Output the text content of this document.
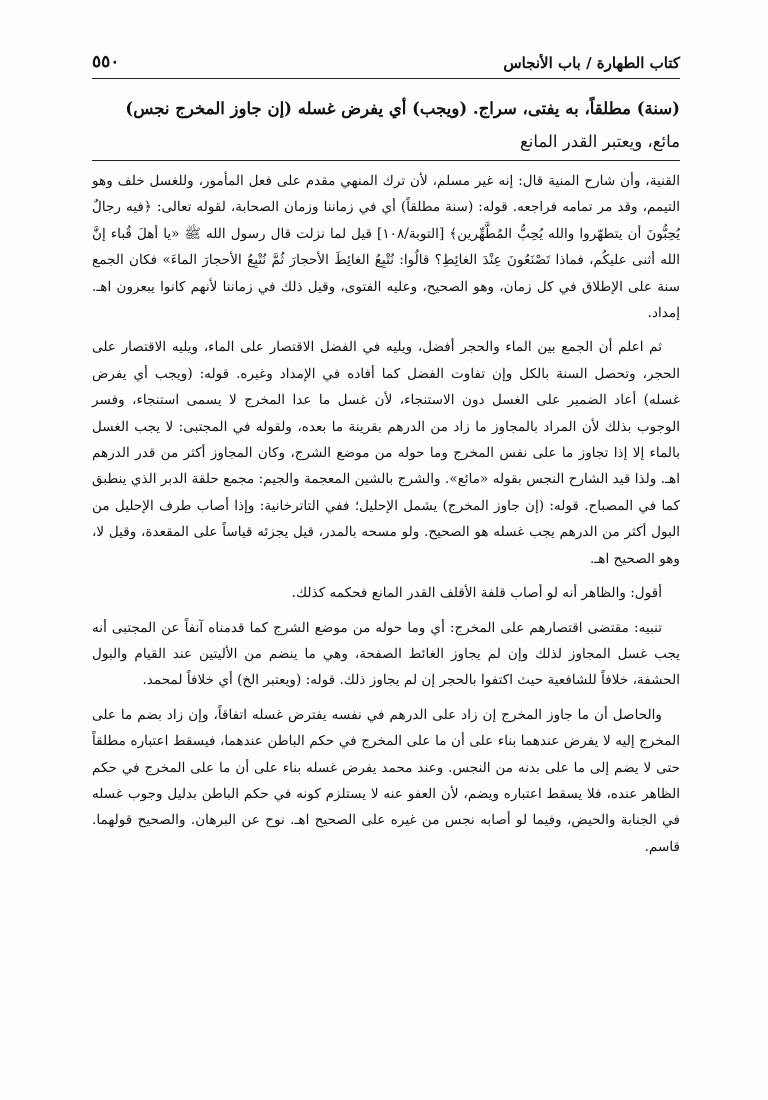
كتاب الطهارة / باب الأنجاس
٥٥٠

(سنة) مطلقاً، به يفتى، سراج. (ويجب) أي يفرض غسله (إن جاوز المخرج نجس)

مائع، ويعتبر القدر المانع

القنية، وأن شارح المنية قال: إنه غير مسلم، لأن ترك المنهي مقدم على فعل المأمور، وللغسل خلف وهو التيمم، وقد مر تمامه فراجعه. قوله: (سنة مطلقاً) أي في زماننا وزمان الصحابة، لقوله تعالى: ﴿فيه رجالٌ يُحِبُّونَ أن يتطهّروا والله يُحِبُّ المُطَّهِّرين﴾ [التوبة/١٠٨] قيل لما نزلت قال رسول الله ﷺ «يا أهلَ قُباء إنَّ الله أثنى عليكُم، فماذا تَصْنَعُونَ عِنْدَ الغائِطِ؟ قالُوا: نُتْبِعُ الغائِطَ الأحجارَ ثُمَّ نُتْبِعُ الأحجارَ الماءَ» فكان الجمع سنة على الإطلاق في كل زمان، وهو الصحيح، وعليه الفتوى، وقيل ذلك في زماننا لأنهم كانوا يبعرون اهـ. إمداد.

ثم اعلم أن الجمع بين الماء والحجر أفضل، ويليه في الفضل الاقتصار على الماء، ويليه الاقتصار على الحجر، وتحصل السنة بالكل وإن تفاوت الفضل كما أفاده في الإمداد وغيره. قوله: (ويجب أي يفرض غسله) أعاد الضمير على الغسل دون الاستنجاء، لأن غسل ما عدا المخرج لا يسمى استنجاء، وفسر الوجوب بذلك لأن المراد بالمجاوز ما زاد من الدرهم بقرينة ما بعده، ولقوله في المجتبى: لا يجب الغسل بالماء إلا إذا تجاوز ما على نفس المخرج وما حوله من موضع الشرج، وكان المجاوز أكثر من قدر الدرهم اهـ. ولذا قيد الشارح النجس بقوله «مائع». والشرج بالشين المعجمة والجيم: مجمع حلقة الدبر الذي ينطبق كما في المصباح. قوله: (إن جاوز المخرج) يشمل الإحليل؛ ففي التاترخانية: وإذا أصاب طرف الإحليل من البول أكثر من الدرهم يجب غسله هو الصحيح. ولو مسحه بالمدر، قيل يجزئه قياساً على المقعدة، وقيل لا، وهو الصحيح اهـ.

أقول: والظاهر أنه لو أصاب قلفة الأقلف القدر المانع فحكمه كذلك.

تنبيه: مقتضى اقتصارهم على المخرج: أي وما حوله من موضع الشرج كما قدمناه آنفاً عن المجتبى أنه يجب غسل المجاوز لذلك وإن لم يجاوز الغائط الصفحة، وهي ما ينضم من الأليتين عند القيام والبول الحشفة، خلافاً للشافعية حيث اكتفوا بالحجر إن لم يجاوز ذلك. قوله: (ويعتبر الخ) أي خلافاً لمحمد.

والحاصل أن ما جاوز المخرج إن زاد على الدرهم في نفسه يفترض غسله اتفاقاً، وإن زاد بضم ما على المخرج إليه لا يفرض عندهما بناء على أن ما على المخرج في حكم الباطن عندهما، فيسقط اعتباره مطلقاً حتى لا يضم إلى ما على بدنه من النجس. وعند محمد يفرض غسله بناء على أن ما على المخرج في حكم الظاهر عنده، فلا يسقط اعتباره ويضم، لأن العفو عنه لا يستلزم كونه في حكم الباطن بدليل وجوب غسله في الجنابة والحيض، وفيما لو أصابه نجس من غيره على الصحيح اهـ. نوح عن البرهان. والصحيح قولهما. قاسم.
